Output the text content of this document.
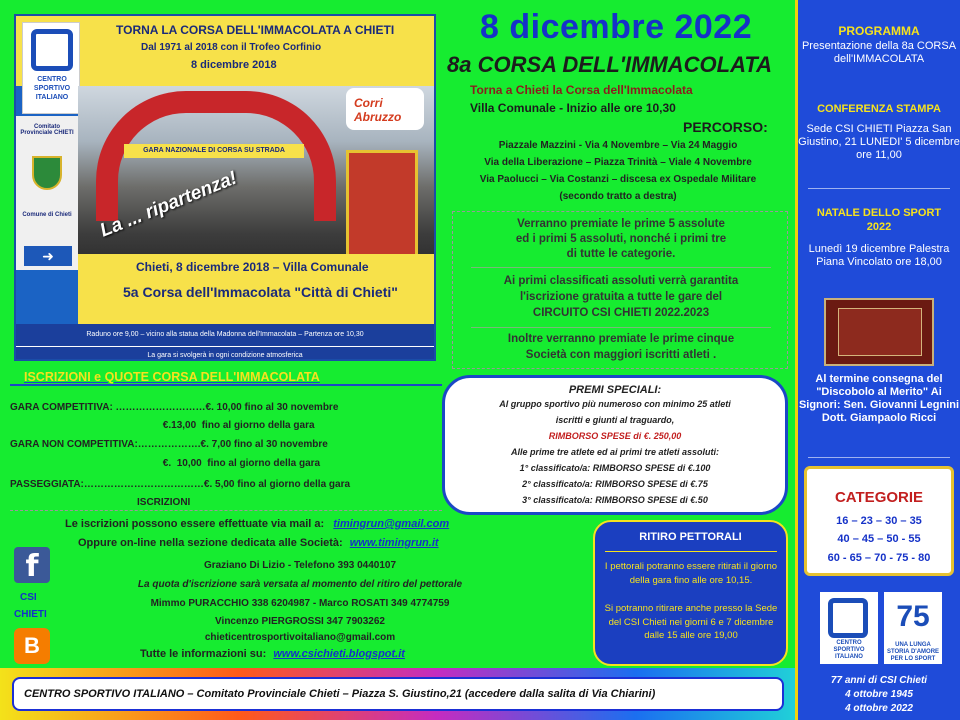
TORNA LA CORSA DELL'IMMACOLATA A CHIETI
Dal 1971 al 2018 con il Trofeo Corfinio
8 dicembre 2018
CENTRO SPORTIVO ITALIANO
GARA NAZIONALE DI CORSA SU STRADA
Comitato Provinciale CHIETI
Comune di Chieti
➜
La ... ripartenza!
Corri Abruzzo
Chieti, 8 dicembre 2018 – Villa Comunale
5a Corsa dell'Immacolata "Città di Chieti"
Raduno ore 9,00 – vicino alla statua della Madonna dell'Immacolata – Partenza ore 10,30
La gara si svolgerà in ogni condizione atmosferica
8 dicembre 2022
8a CORSA DELL'IMMACOLATA
Torna a Chieti la Corsa dell'Immacolata
Villa Comunale - Inizio alle ore 10,30
PERCORSO:
Piazzale Mazzini - Via 4 Novembre – Via 24 Maggio
Via della Liberazione – Piazza Trinità – Viale 4 Novembre
Via Paolucci – Via Costanzi – discesa ex Ospedale Militare
(secondo tratto a destra)
Verranno premiate le prime 5 assolute
ed i primi 5 assoluti, nonché i primi tre
di tutte le categorie.
Ai primi classificati assoluti verrà garantita
l'iscrizione gratuita a tutte le gare del
CIRCUITO CSI CHIETI 2022.2023
Inoltre verranno premiate le prime cinque
Società con maggiori iscritti atleti .
PREMI SPECIALI:
Al gruppo sportivo più numeroso con minimo 25 atleti
iscritti e giunti al traguardo,
RIMBORSO SPESE di €. 250,00
Alle prime tre atlete ed ai primi tre atleti assoluti:
1° classificato/a: RIMBORSO SPESE di €.100
2° classificato/a: RIMBORSO SPESE di €.75
3° classificato/a: RIMBORSO SPESE di €.50
ISCRIZIONI e QUOTE CORSA DELL'IMMACOLATA
GARA COMPETITIVA: ………………………€. 10,00 fino al 30 novembre
€.13,00  fino al giorno della gara
GARA NON COMPETITIVA:……………….€. 7,00 fino al 30 novembre
€.  10,00  fino al giorno della gara
PASSEGGIATA:………………………………€. 5,00 fino al giorno della gara
ISCRIZIONI
Le iscrizioni possono essere effettuate via mail a: timingrun@gmail.com
Oppure on-line nella sezione dedicata alle Società: www.timingrun.it
f
CSI
CHIETI
B
Graziano Di Lizio - Telefono 393 0440107
La quota d'iscrizione sarà versata al momento del ritiro del pettorale
Mimmo PURACCHIO 338 6204987 - Marco ROSATI 349 4774759
Vincenzo PIERGROSSI 347 7903262
chieticentrosportivoitaliano@gmail.com
Tutte le informazioni su: www.csichieti.blogspot.it
RITIRO PETTORALI
I pettorali potranno essere ritirati il giorno della gara fino alle ore 10,15.
Si potranno ritirare anche presso la Sede del CSI Chieti nei giorni 6 e 7 dicembre dalle 15 alle ore 19,00
CENTRO SPORTIVO ITALIANO – Comitato Provinciale Chieti – Piazza S. Giustino,21 (accedere dalla salita di Via Chiarini)
PROGRAMMA
Presentazione della 8a CORSA dell'IMMACOLATA
CONFERENZA STAMPA
Sede CSI CHIETI Piazza San Giustino, 21 LUNEDI' 5 dicembre ore 11,00
NATALE DELLO SPORT 2022
Lunedì 19 dicembre Palestra Piana Vincolato ore 18,00
Al termine consegna del "Discobolo al Merito" Ai Signori: Sen. Giovanni Legnini Dott. Giampaolo Ricci
CATEGORIE
16 – 23 – 30 – 35
40 – 45 – 50 - 55
60 - 65 – 70 - 75 - 80
CENTRO SPORTIVO ITALIANO
75
UNA LUNGA STORIA D'AMORE PER LO SPORT
77 anni di CSI Chieti
4 ottobre 1945
4 ottobre 2022
